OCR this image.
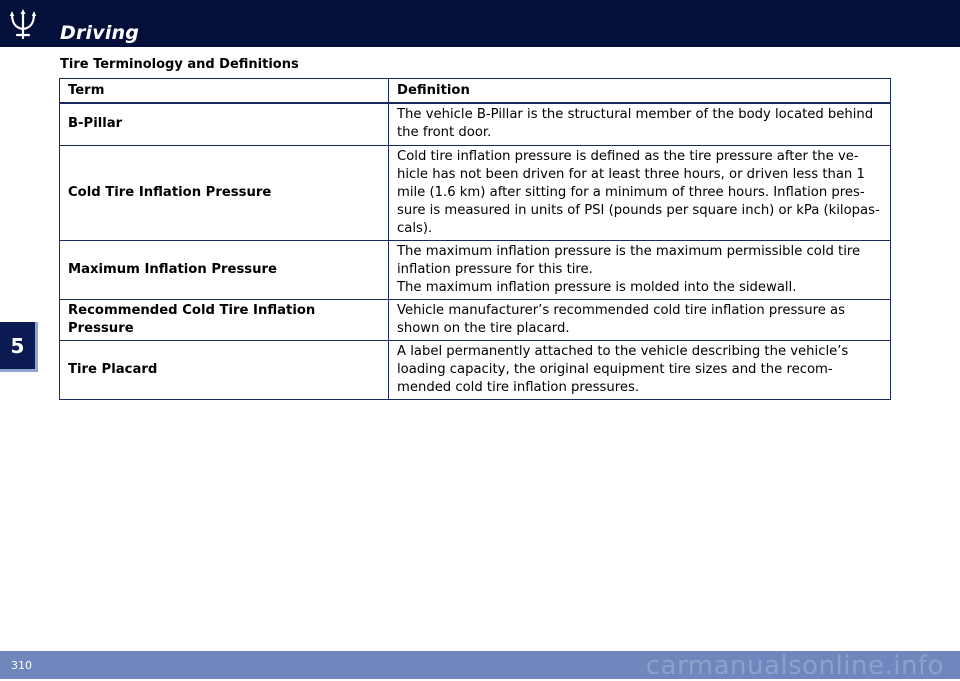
Driving
Tire Terminology and Definitions
Term	Definition
B-Pillar	The vehicle B-Pillar is the structural member of the body located behind
the front door.

Cold Tire Inflation Pressure	Cold tire inflation pressure is defined as the tire pressure after the ve-
hicle has not been driven for at least three hours, or driven less than 1
mile (1.6 km) after sitting for a minimum of three hours. Inflation pres-
sure is measured in units of PSI (pounds per square inch) or kPa (kilopas-
cals).

Maximum Inflation Pressure	The maximum inflation pressure is the maximum permissible cold tire
inflation pressure for this tire.
The maximum inflation pressure is molded into the sidewall.

Recommended Cold Tire Inflation Pressure	Vehicle manufacturer’s recommended cold tire inflation pressure as
shown on the tire placard.

Tire Placard	A label permanently attached to the vehicle describing the vehicle’s
loading capacity, the original equipment tire sizes and the recom-
mended cold tire inflation pressures.
5
310	carmanualsonline.info
